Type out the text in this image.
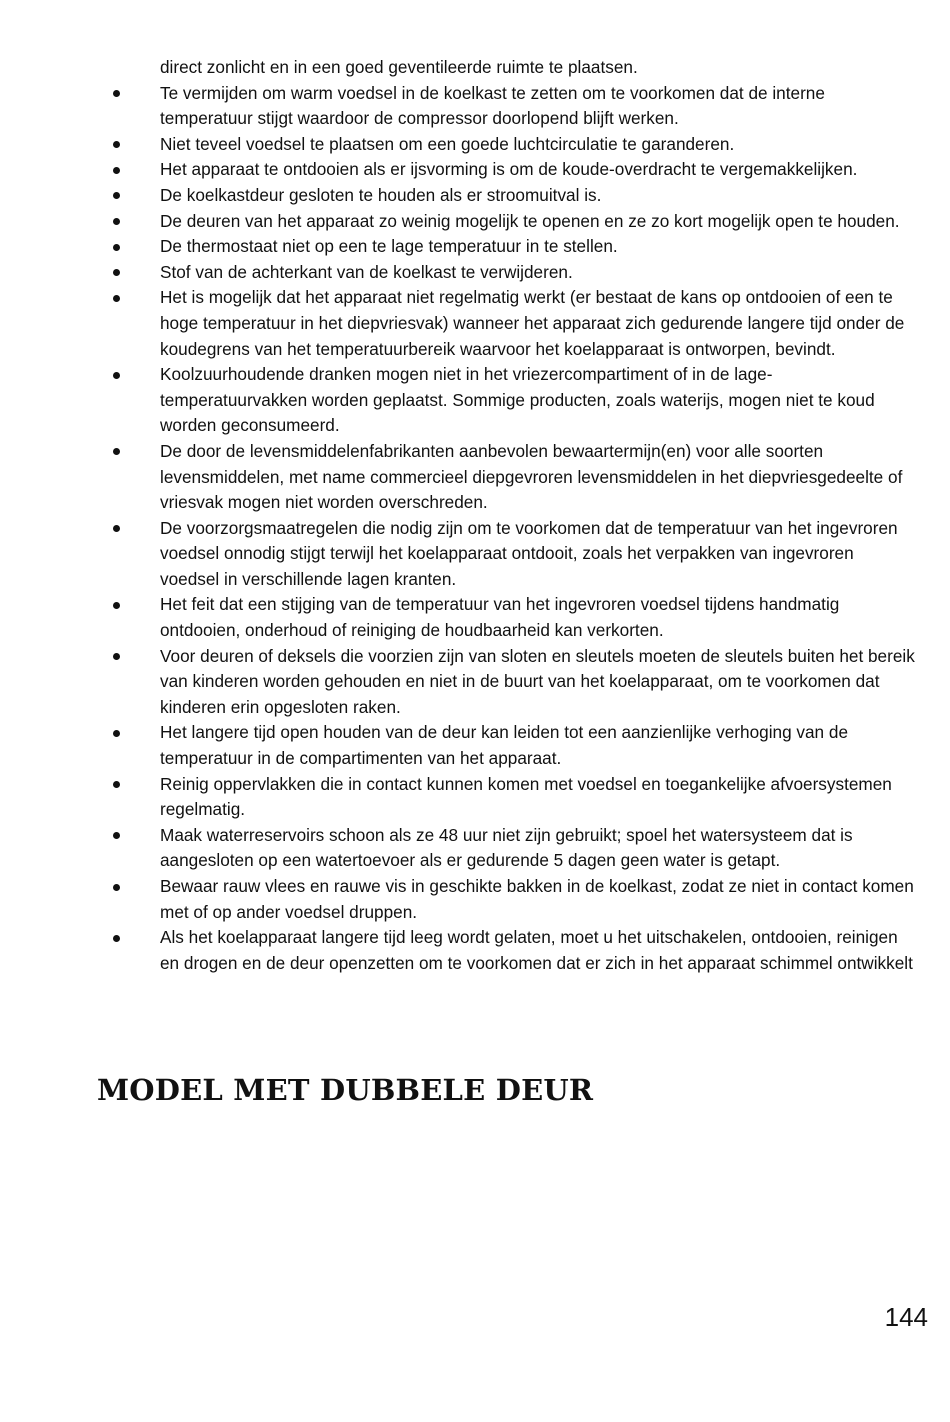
direct zonlicht en in een goed geventileerde ruimte te plaatsen.
Te vermijden om warm voedsel in de koelkast te zetten om te voorkomen dat de interne temperatuur stijgt waardoor de compressor doorlopend blijft werken.
Niet teveel voedsel te plaatsen om een goede luchtcirculatie te garanderen.
Het apparaat te ontdooien als er ijsvorming is om de koude-overdracht te vergemakkelijken.
De koelkastdeur gesloten te houden als er stroomuitval is.
De deuren van het apparaat zo weinig mogelijk te openen en ze zo kort mogelijk open te houden.
De thermostaat niet op een te lage temperatuur in te stellen.
Stof van de achterkant van de koelkast te verwijderen.
Het is mogelijk dat het apparaat niet regelmatig werkt (er bestaat de kans op ontdooien of een te hoge temperatuur in het diepvriesvak) wanneer het apparaat zich gedurende langere tijd onder de koudegrens van het temperatuurbereik waarvoor het koelapparaat is ontworpen, bevindt.
Koolzuurhoudende dranken mogen niet in het vriezercompartiment of in de lage-temperatuurvakken worden geplaatst. Sommige producten, zoals waterijs, mogen niet te koud worden geconsumeerd.
De door de levensmiddelenfabrikanten aanbevolen bewaartermijn(en) voor alle soorten levensmiddelen, met name commercieel diepgevroren levensmiddelen in het diepvriesgedeelte of vriesvak mogen niet worden overschreden.
De voorzorgsmaatregelen die nodig zijn om te voorkomen dat de temperatuur van het ingevroren voedsel onnodig stijgt terwijl het koelapparaat ontdooit, zoals het verpakken van ingevroren voedsel in verschillende lagen kranten.
Het feit dat een stijging van de temperatuur van het ingevroren voedsel tijdens handmatig ontdooien, onderhoud of reiniging de houdbaarheid kan verkorten.
Voor deuren of deksels die voorzien zijn van sloten en sleutels moeten de sleutels buiten het bereik van kinderen worden gehouden en niet in de buurt van het koelapparaat, om te voorkomen dat kinderen erin opgesloten raken.
Het langere tijd open houden van de deur kan leiden tot een aanzienlijke verhoging van de temperatuur in de compartimenten van het apparaat.
Reinig oppervlakken die in contact kunnen komen met voedsel en toegankelijke afvoersystemen regelmatig.
Maak waterreservoirs schoon als ze 48 uur niet zijn gebruikt; spoel het watersysteem dat is aangesloten op een watertoevoer als er gedurende 5 dagen geen water is getapt.
Bewaar rauw vlees en rauwe vis in geschikte bakken in de koelkast, zodat ze niet in contact komen met of op ander voedsel druppen.
Als het koelapparaat langere tijd leeg wordt gelaten, moet u het uitschakelen, ontdooien, reinigen en drogen en de deur openzetten om te voorkomen dat er zich in het apparaat schimmel ontwikkelt
MODEL MET DUBBELE DEUR
144
